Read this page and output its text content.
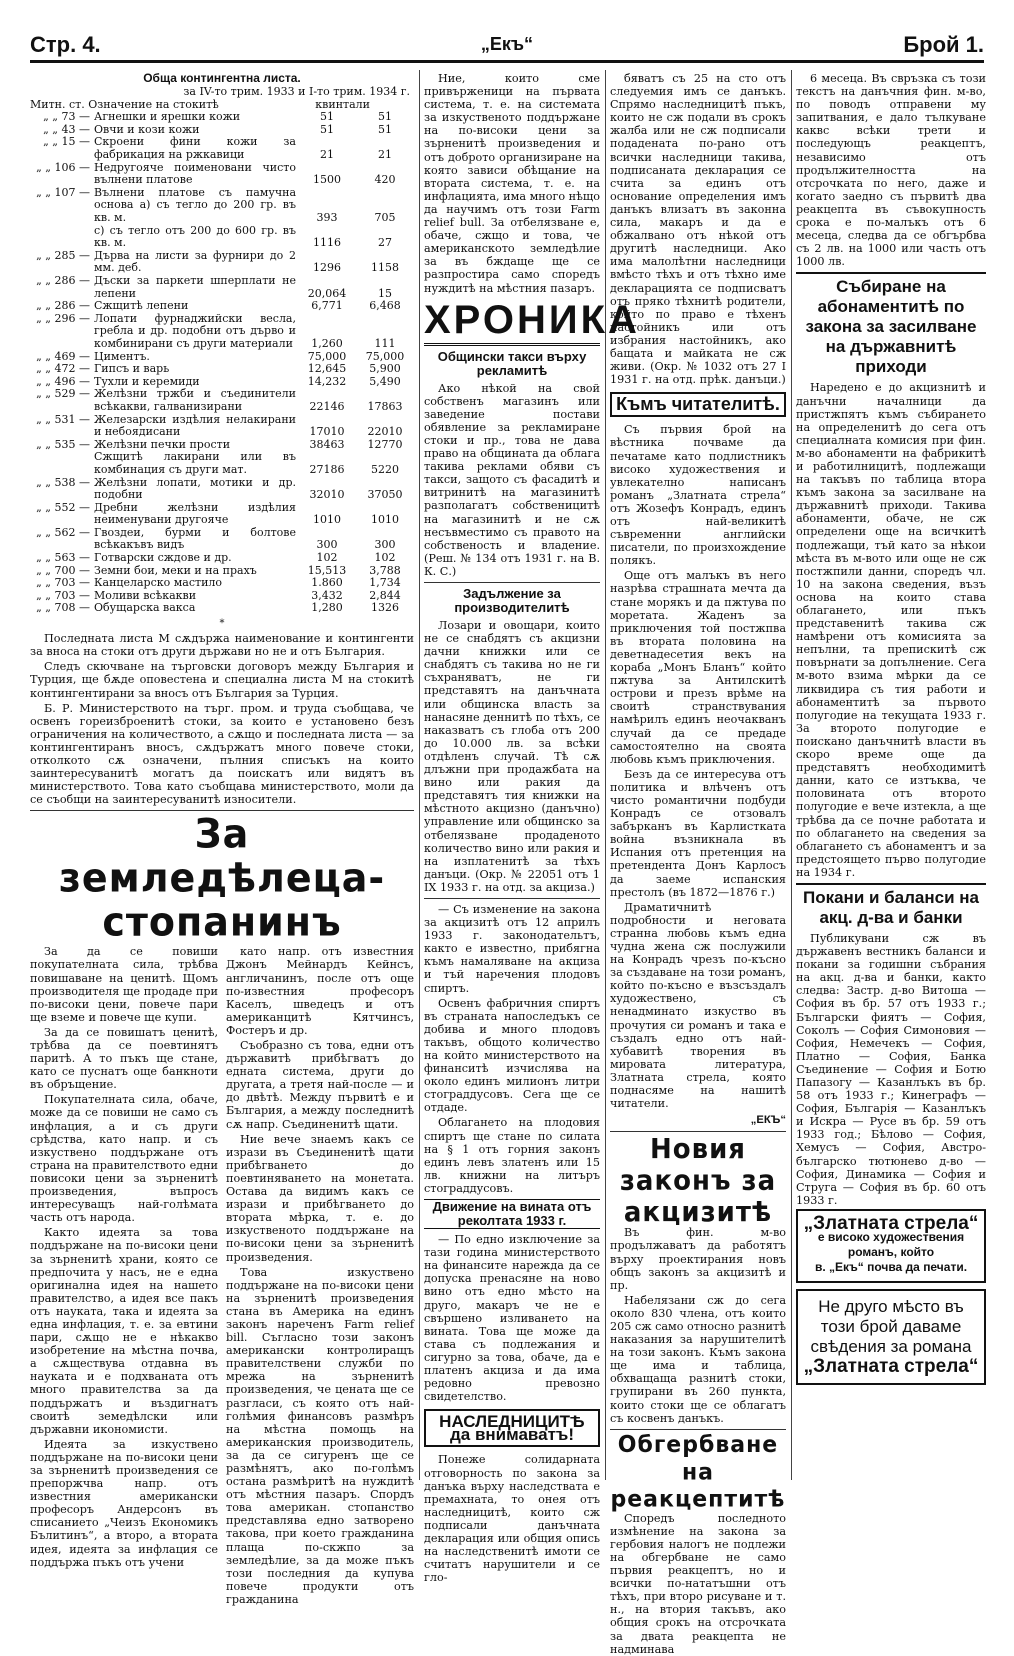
Стр. 4.	„Екъ“	Брой 1.
Обща контингентна листа.
за IV-то трим. 1933 и I-то трим. 1934 г.
Митн. ст. Означение на стокитѣ	квинтали
„ „ 73 —	Агнешки и ярешки кожи	51	51
„ „ 43 —	Овчи и кози кожи	51	51
„ „ 15 —	Скроени фини кожи за фабрикация на ржкавици	21	21
„ „ 106 —	Недругояче поименовани чисто вълнени платове	1500	420
„ „ 107 —	Вълнени платове съ памучна основа а) съ тегло до 200 гр. въ кв. м.	393	705
	с) съ тегло отъ 200 до 600 гр. въ кв. м.	1116	27
„ „ 285 —	Дърва на листи за фурнири до 2 мм. деб.	1296	1158
„ „ 286 —	Дъски за паркети шперплати не лепени	20,064	15
„ „ 286 —	Сжщитѣ лепени	6,771	6,468
„ „ 296 —	Лопати фурнаджийски весла, гребла и др. подобни отъ дърво и комбинирани съ други материали	1,260	111
„ „ 469 —	Циментъ.	75,000	75,000
„ „ 472 —	Гипсъ и варь	12,645	5,900
„ „ 496 —	Тухли и керемиди	14,232	5,490
„ „ 529 —	Желѣзни тржби и съединители всѣкакви, галванизирани	22146	17863
„ „ 531 —	Железарски издѣлия нелакирани и небоядисани	17010	22010
„ „ 535 —	Желѣзни печки прости	38463	12770
	Сжщитѣ лакирани или въ комбинация съ други мат.	27186	5220
„ „ 538 —	Желѣзни лопати, мотики и др. подобни	32010	37050
„ „ 552 —	Дребни желѣзни издѣлия неименувани другояче	1010	1010
„ „ 562 —	Гвоздеи, бурми и болтове всѣкакъвъ видъ	300	300
„ „ 563 —	Готварски сждове и др.	102	102
„ „ 700 —	Земни бои, меки и на прахъ	15,513	3,788
„ „ 703 —	Канцеларско мастило	1.860	1,734
„ „ 703 —	Моливи всѣкакви	3,432	2,844
„ „ 708 —	Обущарска вакса	1,280	1326
*

Последната листа М сѫдържа наименование и контингенти за вноса на стоки отъ други държави но не и отъ България.

Следъ скючване на търговски договоръ между България и Турция, ще бѫде оповестена и специална листа М на стокитѣ контингентирани за вносъ отъ България за Турция.

Б. Р. Министерството на търг. пром. и труда съобщава, че освенъ гореизброенитѣ стоки, за които е установено безъ ограничения на количеството, а сѫщо и последната листа — за контингентиранъ вносъ, сѫдържатъ много повече стоки, отколкото сѫ означени, пълния списъкъ на които заинтересуванитѣ могатъ да поискатъ или видятъ въ министерството. Това като съобщава министерството, моли да се съобщи на заинтересуванитѣ износители.

За земледѣлеца-стопанинъ

За да се повиши покупателната сила, трѣбва повишаване на ценитѣ. Щомъ производителя ще продаде при по-високи цени, повече пари ще вземе и повече ще купи.

За да се повишатъ ценитѣ, трѣбва да се поевтинятъ паритѣ. А то пъкъ ще стане, като се пуснатъ още банкноти въ обръщение.

Покупателната сила, обаче, може да се повиши не само съ инфлация, а и съ други срѣдства, като напр. и съ изкуствено поддържане отъ страна на правителството едни повисоки цени за зърненитѣ произведения, въпросъ интересуващъ най-голѣмата часть отъ народа.

Както идеята за това поддържане на по-високи цени за зърненитѣ храни, която се предпочита у насъ, не е една оригинална идея на нашето правителство, а идея все пакъ отъ науката, така и идеята за една инфлация, т. е. за евтини пари, сѫщо не е нѣкакво изобретение на мѣстна почва, а сѫществува отдавна въ науката и е подхваната отъ много правителства за да поддържатъ и въздигнатъ своитѣ земедѣлски или държавни икономисти.

Идеята за изкуствено поддържане на по-високи цени за зърненитѣ произведения се препоржчва напр. отъ известния американски професоръ Андерсонъ въ списанието „Чеизъ Економикъ Бълитинъ“, а второ, а втората идея, идеята за инфлация се поддържа пъкъ отъ учени

като напр. отъ известния Джонъ Мейнардъ Кейнсъ, англичанинъ, после отъ още по-известния професоръ Каселъ, шведецъ и отъ американцитѣ Кятчинсъ, Фостеръ и др.

Съобразно съ това, едни отъ държавитѣ прибѣгватъ до едната система, други до другата, а третя най-после — и до двѣтѣ. Между първитѣ е и България, а между последнитѣ сѫ напр. Съединенитѣ щати.

Ние вече знаемъ какъ се изрази въ Съединенитѣ щати прибѣгването до поевтиняването на монетата. Остава да видимъ какъ се изрази и прибѣгването до втората мѣрка, т. е. до изкуственото поддържане на по-високи цени за зърненитѣ произведения.

Това изкуствено поддържане на по-високи цени на зърненитѣ произведения стана въ Америка на единъ законъ нареченъ Farm relief bill. Съгласно този законъ американски контролиращъ правителствени служби по мрежа на зърненитѣ произведения, че цената ще се разгласи, съ която отъ най-голѣмия финансовъ размѣръ на мѣстна помощь на американския производитель, за да се сигуренъ ще се размѣнятъ, ако по-голѣмъ остана размѣритѣ на нуждитѣ отъ мѣстния пазаръ. Спордъ това американ. стопанство представлява едно затворено такова, при което гражданина плаща по-скжпо за земледѣлие, за да може пъкъ този последния да купува повече продукти отъ гражданина

Ние, които сме привърженици на първата система, т. е. на системата за изкуственото поддържане на по-високи цени за зърненитѣ произведения и отъ доброто организиране на която зависи обѣщание на втората система, т. е. на инфлацията, има много нѣщо да научимъ отъ този Farm relief bull. За отбелязване е, обаче, сжщо и това, че американското земледѣлие за въ бждаще ще се разпростира само споредъ нуждитѣ на мѣстния пазаръ.

ХРОНИКА
Общински такси върху рекламитѣ

Ако нѣкой на свой собственъ магазинъ или заведение постави обявление за рекламиране стоки и пр., това не дава право на общината да облага такива реклами обяви съ такси, защото съ фасадитѣ и витринитѣ на магазинитѣ разполагатъ собственицитѣ на магазинитѣ и не сѫ несъвместимо съ правото на собственость и владение. (Реш. № 134 отъ 1931 г. на В. К. С.)

Задължение за производителитѣ

Лозари и овощари, които не се снабдятъ съ акцизни дачни книжки или се снабдятъ съ такива но не ги съхраняватъ, не ги представятъ на данъчната или общинска власть за нанасяне деннитѣ по тѣхъ, се наказватъ съ глоба отъ 200 до 10.000 лв. за всѣки отдѣленъ случай. Тѣ сѫ длъжни при продажбата на вино или ракия да представятъ тия книжки на мѣстното акцизно (данъчно) управление или общинско за отбелязване продаденото количество вино или ракия и на изплатенитѣ за тѣхъ данъци. (Окр. № 22051 отъ 1 IX 1933 г. на отд. за акциза.)

— Съ изменение на закона за акцизитѣ отъ 12 априлъ 1933 г. законодательтъ, както е известно, прибягна къмъ намаляване на акциза и тъй наречения плодовъ спиртъ.

Освенъ фабричния спиртъ въ страната напоследъкъ се добива и много плодовъ такъвъ, общото количество на който министерството на финанситѣ изчислява на около единъ милионъ литри стограддусовъ. Сега ще се отдаде.

Облагането на плодовия спиртъ ще стане по силата на § 1 отъ горния законъ единъ левъ златенъ или 15 лв. книжни на литъръ стограддусовъ.

Движение на вината отъ реколтата 1933 г.

— По едно изключение за тази година министерството на финансите нарежда да се допуска пренасяне на ново вино отъ едно мѣсто на друго, макаръ че не е свършено изливането на вината. Това ще може да става съ подлежания и сигурно за това, обаче, да е платенъ акциза и да има редовно превозно свидетелство.

НАСЛЕДНИЦИТѢ да внимаватъ!

Понеже солидарната отговорность по закона за данъка върху наследствата е премахната, то онея отъ наследницитѣ, които сж подписали данъчната декларация или общия опись на наследственитѣ имоти се считатъ нарушители и се гло-

бяватъ съ 25 на сто отъ следуемия имъ се данъкъ. Спрямо наследницитѣ пъкъ, които не сж подали въ срокъ жалба или не сж подписали подадената по-рано отъ всички наследници такива, подписаната декларация се счита за единъ отъ основание определения имъ данъкъ влизатъ въ законна сила, макаръ и да е обжалвано отъ нѣкой отъ другитѣ наследници. Ако има малолѣтни наследници вмѣсто тѣхъ и отъ тѣхно име декларацията се подписватъ отъ пряко тѣхнитѣ родители, който по право е тѣхенъ настойникъ или отъ избрания настойникъ, ако бащата и майката не сж живи. (Окр. № 1032 отъ 27 I 1931 г. на отд. прѣк. данъци.)

Къмъ читателитѣ.

Съ първия брой на вѣстника почваме да печатаме като подлистникъ високо художествения и увлекателно написанъ романъ „Златната стрела“ отъ Жозефъ Конрадъ, единъ отъ най-великитѣ съвременни английски писатели, по произхождение полякъ.

Още отъ малъкъ въ него назрѣва страшната мечта да стане морякъ и да пжтува по моретата. Жаденъ за приключения той постжпва въ втората половина на деветнадесетия векъ на кораба „Монъ Бланъ“ който пжтува за Антилскитѣ острови и презъ врѣме на своитѣ странствувания намѣрилъ единъ неочакванъ случай да се предаде самостоятелно на своята любовь къмъ приключения.

Безъ да се интересува отъ политика и влѣченъ отъ чисто романтични подбуди Конрадъ се отзовалъ забърканъ въ Карлистката война възникнала въ Испания отъ претенция на претендента Донъ Карлосъ да заеме испанския престолъ (въ 1872—1876 г.)

Драматичнитѣ подробности и неговата странна любовь къмъ една чудна жена сж послужили на Конрадъ чрезъ по-късно за създаване на този романъ, който по-късно е възсъздалъ художествено, съ ненадминато изкуство въ прочутия си романъ и така е създалъ едно отъ най-хубавитѣ творения въ мировата литература, Златната стрела, която поднасяме на нашитѣ читатели.

„ЕКЪ“
Новия законъ за акцизитѣ

Въ фин. м-во продължаватъ да работятъ върху проектирания новъ общъ законъ за акцизитѣ и пр.

Набелязани сж до сега около 830 члена, отъ които 205 сж само относно разнитѣ наказания за нарушителитѣ на този законъ. Къмъ закона ще има и таблица, обхващаща разнитѣ стоки, групирани въ 260 пункта, които стоки ще се облагатъ съ косвенъ данъкъ.

Обгербване на реакцептитѣ

Споредъ последното измѣнение на закона за гербовия налогъ не подлежи на обгербване не само първия реакцептъ, но и всички по-нататъшни отъ тѣхъ, при второ рисуване и т. н., на втория такъвъ, ако общия срокъ на отсрочката за двата реакцепта не надминава

6 месеца. Въ свръзка съ този текстъ на данъчния фин. м-во, по поводъ отправени му запитвания, е дало тълкуване каквс всѣки трети и последующъ реакцептъ, независимо отъ продължителността на отсрочката по него, даже и когато заедно съ първитѣ два реакцепта въ съвокупность срока е по-малъкъ отъ 6 месеца, следва да се обгърбва съ 2 лв. на 1000 или часть отъ 1000 лв.

Събиране на абонаментитѣ по закона за засилване на държавнитѣ приходи

Наредено е до акцизнитѣ и данъчни началници да пристжпятъ къмъ събирането на определенитѣ до сега отъ специалната комисия при фин. м-во абонаменти на фабрикитѣ и работилницитѣ, подлежащи на такъвъ по таблица втора къмъ закона за засилване на държавнитѣ приходи. Такива абонаменти, обаче, не сж определени още на всичкитѣ подлежащи, тъй като за нѣкои мѣста въ м-вото или още не сж постжпили данни, споредъ чл. 10 на закона сведения, възъ основа на които става облагането, или пъкъ представенитѣ такива сж намѣрени отъ комисията за непълни, та препискитѣ сж повърнати за допълнение. Сега м-вото взима мѣрки да се ликвидира съ тия работи и абонаментитѣ за първото полугодие на текущата 1933 г. За второто полугодие е поискано данъчнитѣ власти въ скоро време още да представятъ необходимитѣ данни, като се изтъква, че половината отъ второто полугодие е вече изтекла, а ще трѣбва да се почне работата и по облагането на сведения за облагането съ абонаментъ и за предстоящето първо полугодие на 1934 г.

Покани и баланси на акц. д-ва и банки

Публикувани сж въ държавенъ вестникъ баланси и покани за годишни събрания на акц. д-ва и банки, както следва: Застр. д-во Витоша — София въ бр. 57 отъ 1933 г.; Български фиятъ — София, Соколъ — София Симоновия — София, Немечекъ — София, Платно — София, Банка Съединение — София и Ботю Папазогу — Казанлъкъ въ бр. 58 отъ 1933 г.; Кинеграфъ — София, Българія — Казанлъкъ и Искра — Русе въ бр. 59 отъ 1933 год.; Бѣлово — София, Хемусъ — София, Австро-българско тютюнево д-во — София, Динамика — София и Струга — София въ бр. 60 отъ 1933 г.

„Златната стрела“
е високо художествения романъ, който
в. „Екъ“ почва да печати.
Не друго мѣсто въ този брой даваме свѣдения за романа
„Златната стрела“
